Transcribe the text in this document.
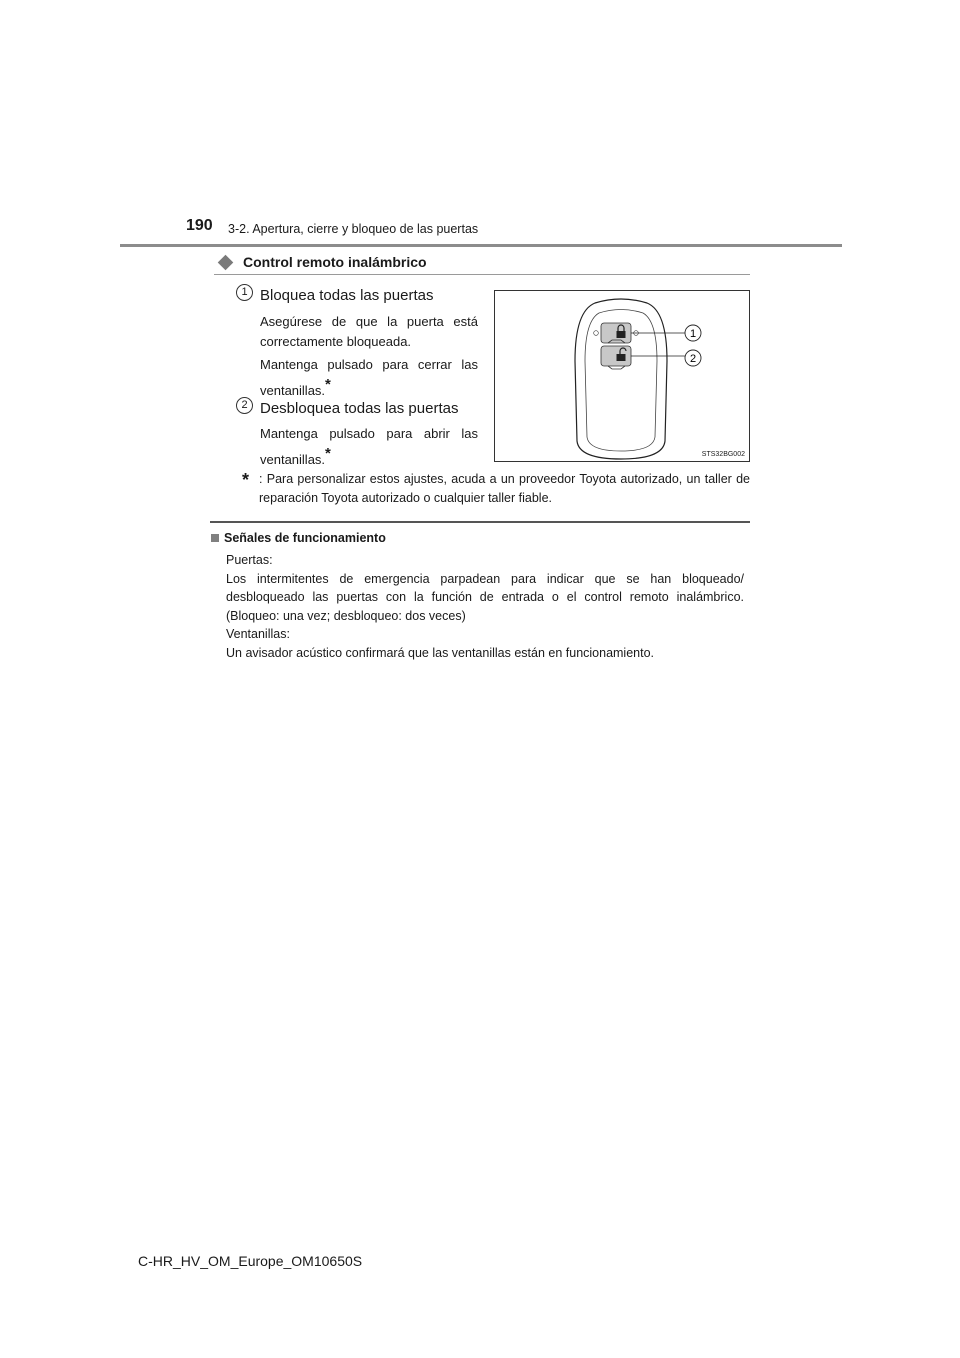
190 3-2. Apertura, cierre y bloqueo de las puertas
Control remoto inalámbrico
1 Bloquea todas las puertas
Asegúrese de que la puerta está correctamente bloqueada.
Mantenga pulsado para cerrar las ventanillas.*
2 Desbloquea todas las puertas
Mantenga pulsado para abrir las ventanillas.*
1
2
STS32BG002
* : Para personalizar estos ajustes, acuda a un proveedor Toyota autorizado, un taller de reparación Toyota autorizado o cualquier taller fiable.
Señales de funcionamiento

Puertas:

Los intermitentes de emergencia parpadean para indicar que se han bloqueado/ desbloqueado las puertas con la función de entrada o el control remoto inalámbrico. (Bloqueo: una vez; desbloqueo: dos veces)

Ventanillas:

Un avisador acústico confirmará que las ventanillas están en funcionamiento.

C-HR_HV_OM_Europe_OM10650S
